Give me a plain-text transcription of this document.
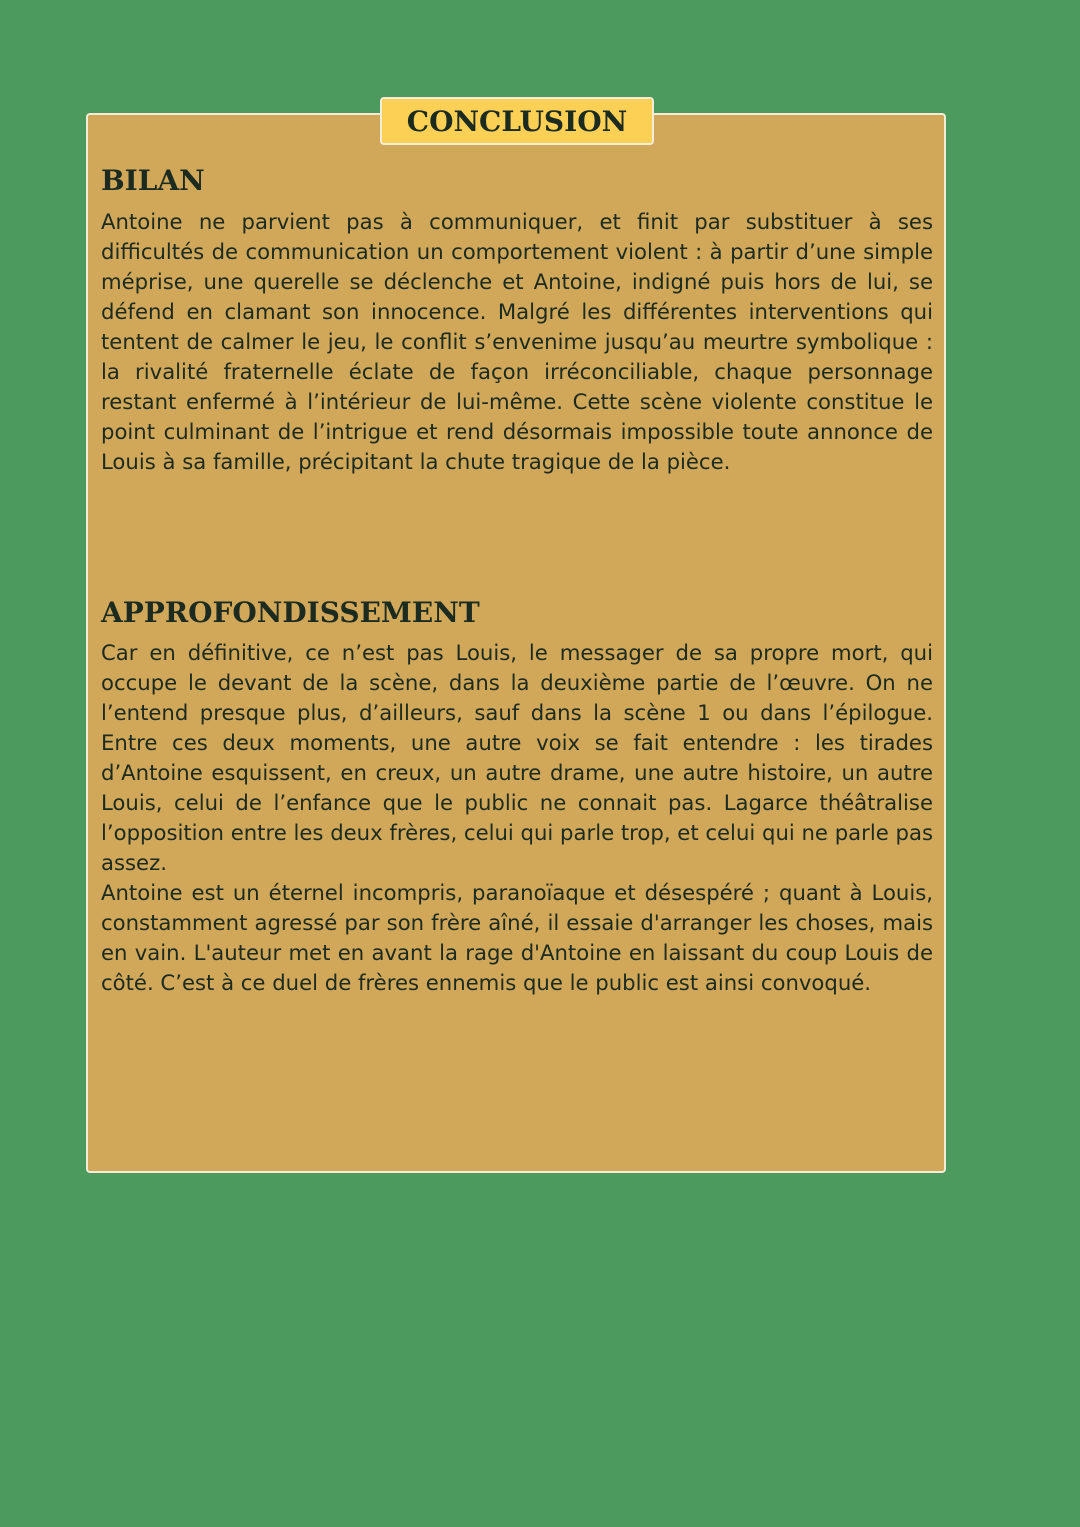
CONCLUSION
BILAN

Antoine ne parvient pas à communiquer, et finit par substituer à ses difficultés de communication un comportement violent : à partir d’une simple méprise, une querelle se déclenche et Antoine, indigné puis hors de lui, se défend en clamant son innocence. Malgré les différentes interventions qui tentent de calmer le jeu, le conflit s’envenime jusqu’au meurtre symbolique : la rivalité fraternelle éclate de façon irréconciliable, chaque personnage restant enfermé à l’intérieur de lui-même. Cette scène violente constitue le point culminant de l’intrigue et rend désormais impossible toute annonce de Louis à sa famille, précipitant la chute tragique de la pièce.

APPROFONDISSEMENT

Car en définitive, ce n’est pas Louis, le messager de sa propre mort, qui occupe le devant de la scène, dans la deuxième partie de l’œuvre. On ne l’entend presque plus, d’ailleurs, sauf dans la scène 1 ou dans l’épilogue. Entre ces deux moments, une autre voix se fait entendre : les tirades d’Antoine esquissent, en creux, un autre drame, une autre histoire, un autre Louis, celui de l’enfance que le public ne connait pas. Lagarce théâtralise l’opposition entre les deux frères, celui qui parle trop, et celui qui ne parle pas assez.

Antoine est un éternel incompris, paranoïaque et désespéré ; quant à Louis, constamment agressé par son frère aîné, il essaie d'arranger les choses, mais en vain. L'auteur met en avant la rage d'Antoine en laissant du coup Louis de côté. C’est à ce duel de frères ennemis que le public est ainsi convoqué.
